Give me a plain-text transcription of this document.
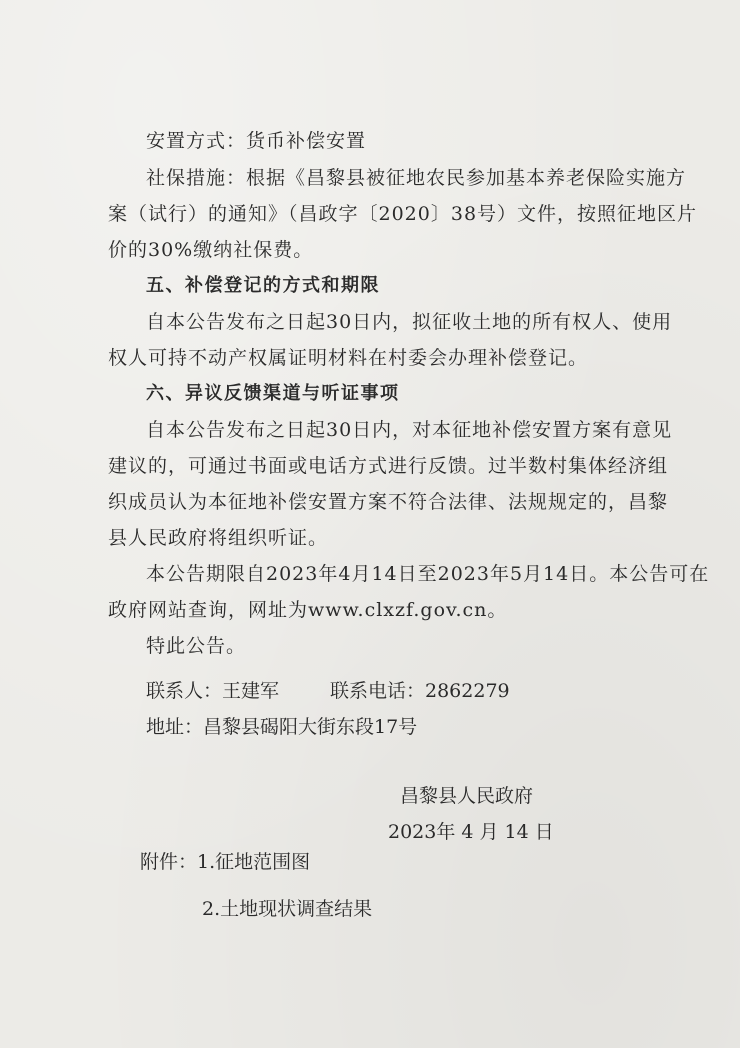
安置方式：货币补偿安置
社保措施：根据《昌黎县被征地农民参加基本养老保险实施方
案（试行）的通知》（昌政字〔2020〕38号）文件，按照征地区片
价的30%缴纳社保费。
五、补偿登记的方式和期限
自本公告发布之日起30日内，拟征收土地的所有权人、使用
权人可持不动产权属证明材料在村委会办理补偿登记。
六、异议反馈渠道与听证事项
自本公告发布之日起30日内，对本征地补偿安置方案有意见
建议的，可通过书面或电话方式进行反馈。过半数村集体经济组
织成员认为本征地补偿安置方案不符合法律、法规规定的，昌黎
县人民政府将组织听证。
本公告期限自2023年4月14日至2023年5月14日。本公告可在
政府网站查询，网址为www.clxzf.gov.cn。
特此公告。
联系人：王建军	联系电话：2862279
地址：昌黎县碣阳大街东段17号
昌黎县人民政府
2023年 4 月 14 日
附件：1.征地范围图
2.土地现状调查结果
